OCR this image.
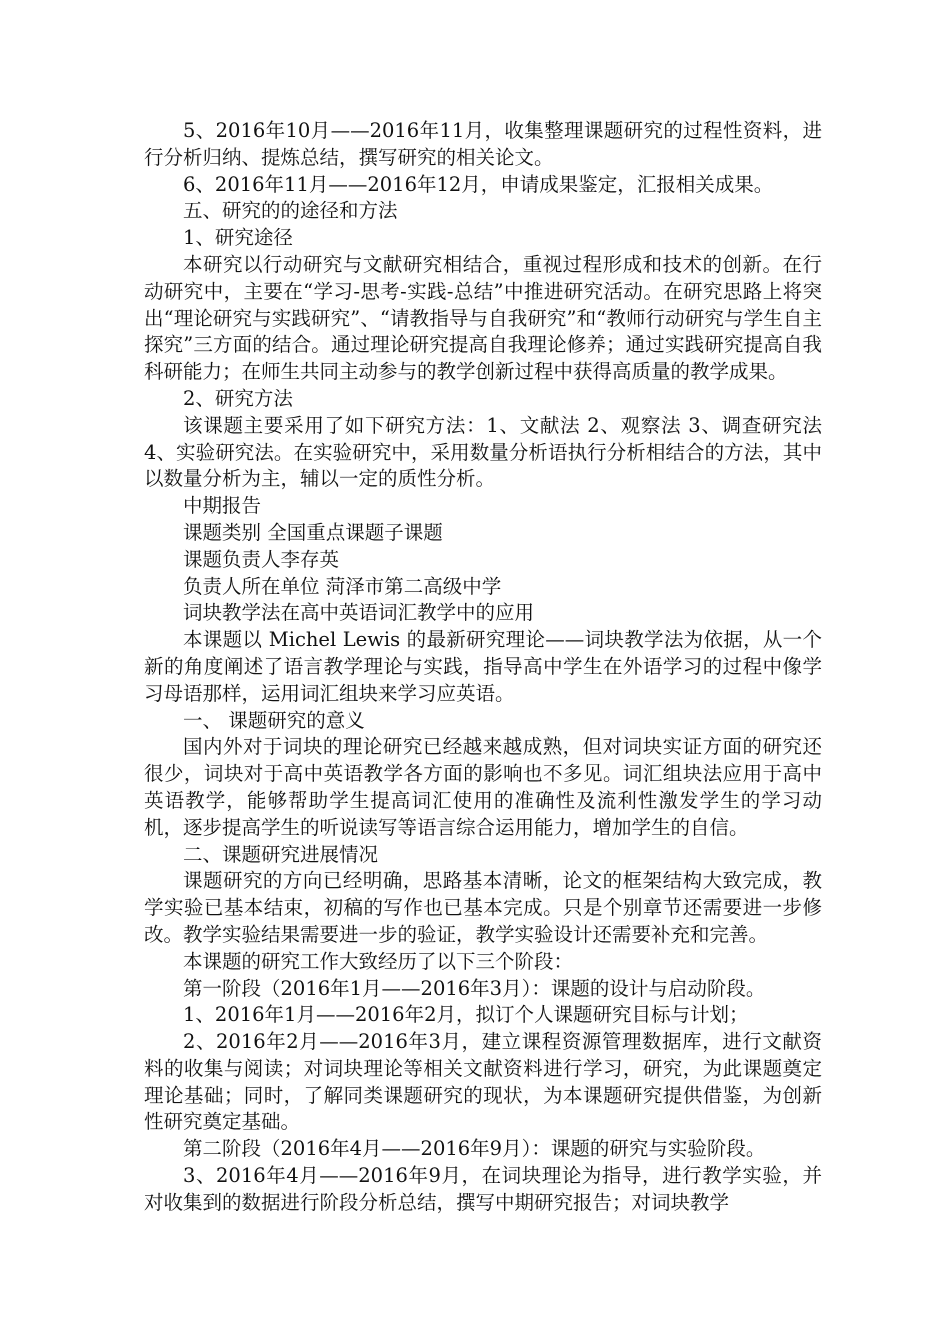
5、2016年10月——2016年11月，收集整理课题研究的过程性资料，进行分析归纳、提炼总结，撰写研究的相关论文。

6、2016年11月——2016年12月，申请成果鉴定，汇报相关成果。

五、研究的的途径和方法

1、研究途径

本研究以行动研究与文献研究相结合，重视过程形成和技术的创新。在行动研究中，主要在“学习-思考-实践-总结”中推进研究活动。在研究思路上将突出“理论研究与实践研究”、“请教指导与自我研究”和“教师行动研究与学生自主探究”三方面的结合。通过理论研究提高自我理论修养；通过实践研究提高自我科研能力；在师生共同主动参与的教学创新过程中获得高质量的教学成果。

2、研究方法

该课题主要采用了如下研究方法：1、文献法 2、观察法 3、调查研究法 4、实验研究法。在实验研究中，采用数量分析语执行分析相结合的方法，其中以数量分析为主，辅以一定的质性分析。

中期报告

课题类别 全国重点课题子课题

课题负责人李存英

负责人所在单位 菏泽市第二高级中学

词块教学法在高中英语词汇教学中的应用

本课题以 Michel Lewis 的最新研究理论——词块教学法为依据，从一个新的角度阐述了语言教学理论与实践，指导高中学生在外语学习的过程中像学习母语那样，运用词汇组块来学习应英语。

一、 课题研究的意义

国内外对于词块的理论研究已经越来越成熟，但对词块实证方面的研究还很少，词块对于高中英语教学各方面的影响也不多见。词汇组块法应用于高中英语教学，能够帮助学生提高词汇使用的准确性及流利性激发学生的学习动机，逐步提高学生的听说读写等语言综合运用能力，增加学生的自信。

二、课题研究进展情况

课题研究的方向已经明确，思路基本清晰，论文的框架结构大致完成，教学实验已基本结束，初稿的写作也已基本完成。只是个别章节还需要进一步修改。教学实验结果需要进一步的验证，教学实验设计还需要补充和完善。

本课题的研究工作大致经历了以下三个阶段：

第一阶段（2016年1月——2016年3月）：课题的设计与启动阶段。

1、2016年1月——2016年2月，拟订个人课题研究目标与计划；

2、2016年2月——2016年3月，建立课程资源管理数据库，进行文献资料的收集与阅读；对词块理论等相关文献资料进行学习，研究，为此课题奠定理论基础；同时，了解同类课题研究的现状，为本课题研究提供借鉴，为创新性研究奠定基础。

第二阶段（2016年4月——2016年9月）：课题的研究与实验阶段。

3、2016年4月——2016年9月，在词块理论为指导，进行教学实验，并对收集到的数据进行阶段分析总结，撰写中期研究报告；对词块教学
